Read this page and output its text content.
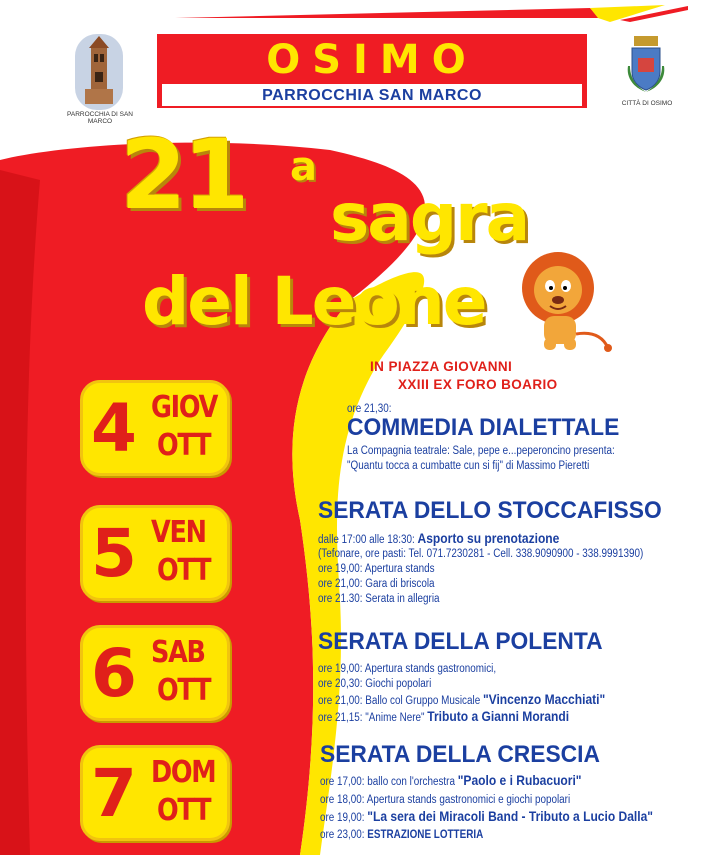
OSIMO
PARROCCHIA SAN MARCO
PARROCCHIA DI SAN MARCO
CITTÀ DI OSIMO
21 a
sagra
del Leone
IN PIAZZA GIOVANNI
XXIII EX FORO BOARIO
4 GIOV
OTT
ore 21,30:
COMMEDIA DIALETTALE
La Compagnia teatrale: Sale, pepe e...peperoncino presenta:
"Quantu tocca a cumbatte cun si fij" di Massimo Pieretti
5 VEN
OTT
SERATA DELLO STOCCAFISSO
dalle 17:00 alle 18:30: Asporto su prenotazione
(Tefonare, ore pasti: Tel. 071.7230281 - Cell. 338.9090900 - 338.9991390)
ore 19,00: Apertura stands
ore 21,00: Gara di briscola
ore 21.30: Serata in allegria
6 SAB
OTT
SERATA DELLA POLENTA
ore 19,00: Apertura stands gastronomici,
ore 20,30: Giochi popolari
ore 21,00: Ballo col Gruppo Musicale "Vincenzo Macchiati"
ore 21,15: "Anime Nere" Tributo a Gianni Morandi
7 DOM
OTT
SERATA DELLA CRESCIA
ore 17,00: ballo con l'orchestra "Paolo e i Rubacuori"
ore 18,00: Apertura stands gastronomici e giochi popolari
ore 19,00: "La sera dei Miracoli Band - Tributo a Lucio Dalla"
ore 23,00: ESTRAZIONE LOTTERIA
